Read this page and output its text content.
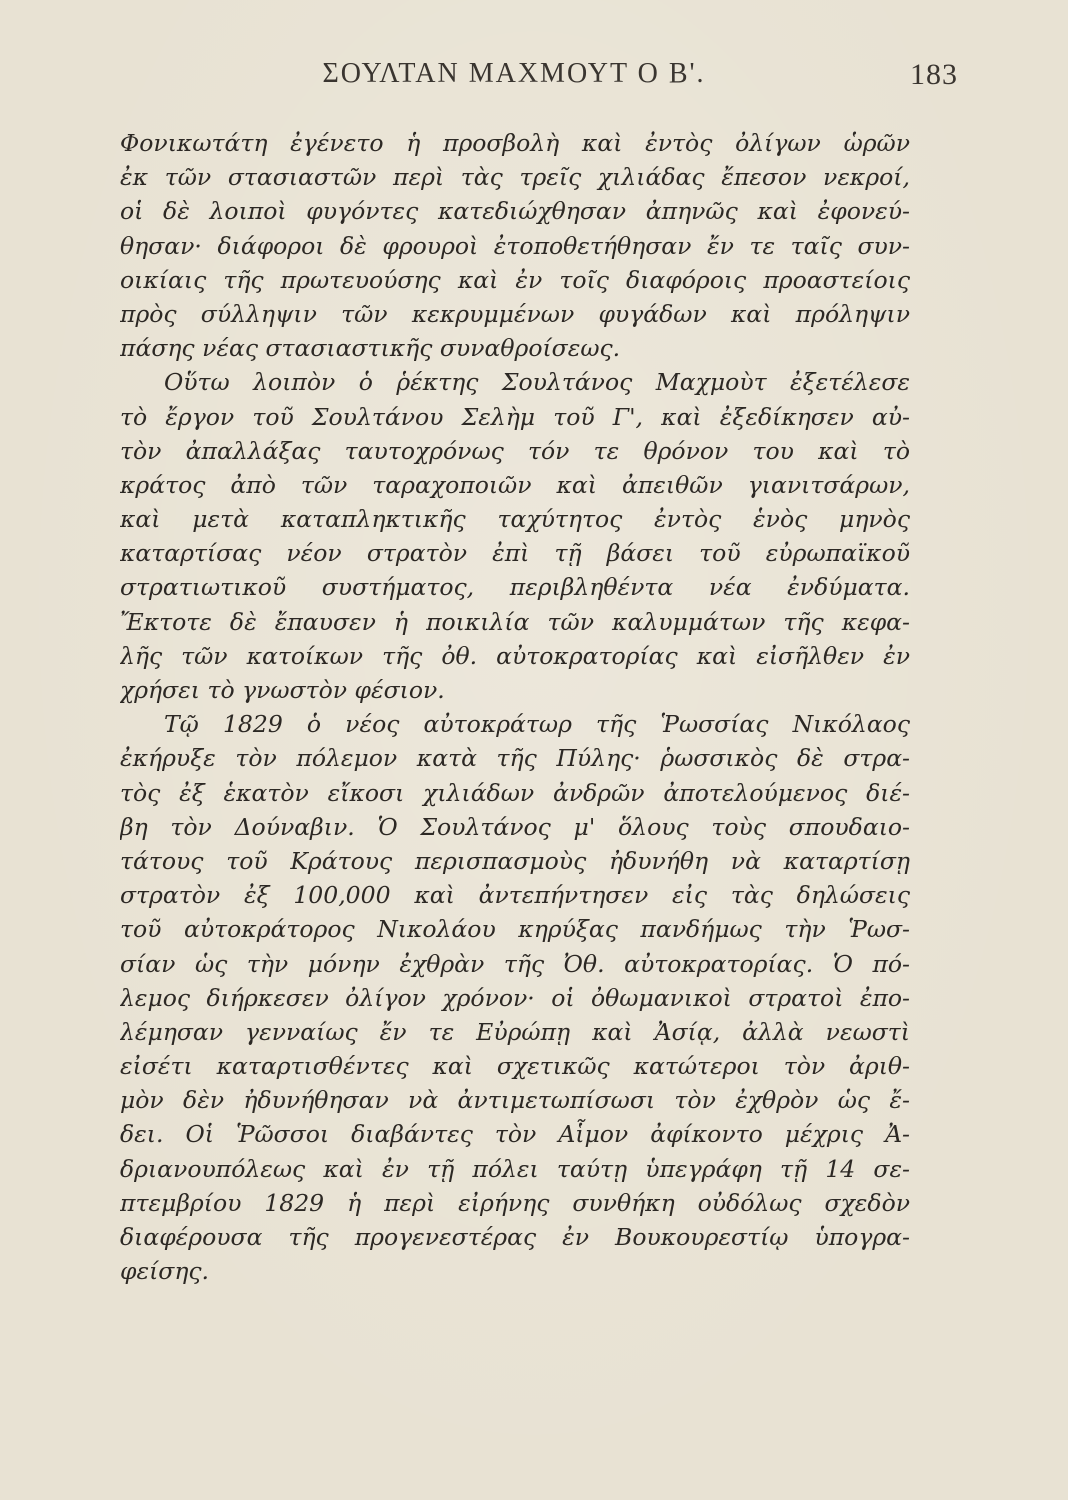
ΣΟΥΛΤΑΝ ΜΑΧΜΟΥΤ Ο Β'.	183
Φονικωτάτη ἐγένετο ἡ προσβολὴ καὶ ἐντὸς ὀλίγων ὡρῶν
ἐκ τῶν στασιαστῶν περὶ τὰς τρεῖς χιλιάδας ἔπεσον νεκροί,
οἱ δὲ λοιποὶ φυγόντες κατεδιώχθησαν ἀπηνῶς καὶ ἐφονεύ-
θησαν· διάφοροι δὲ φρουροὶ ἐτοποθετήθησαν ἔν τε ταῖς συν-
οικίαις τῆς πρωτευούσης καὶ ἐν τοῖς διαφόροις προαστείοις
πρὸς σύλληψιν τῶν κεκρυμμένων φυγάδων καὶ πρόληψιν
πάσης νέας στασιαστικῆς συναθροίσεως.
Οὕτω λοιπὸν ὁ ῥέκτης Σουλτάνος Μαχμοὺτ ἐξετέλεσε
τὸ ἔργον τοῦ Σουλτάνου Σελὴμ τοῦ Γ', καὶ ἐξεδίκησεν αὐ-
τὸν ἀπαλλάξας ταυτοχρόνως τόν τε θρόνον του καὶ τὸ
κράτος ἀπὸ τῶν ταραχοποιῶν καὶ ἀπειθῶν γιανιτσάρων,
καὶ μετὰ καταπληκτικῆς ταχύτητος ἐντὸς ἑνὸς μηνὸς
καταρτίσας νέον στρατὸν ἐπὶ τῇ βάσει τοῦ εὐρωπαϊκοῦ
στρατιωτικοῦ συστήματος, περιβληθέντα νέα ἐνδύματα.
Ἔκτοτε δὲ ἔπαυσεν ἡ ποικιλία τῶν καλυμμάτων τῆς κεφα-
λῆς τῶν κατοίκων τῆς ὀθ. αὐτοκρατορίας καὶ εἰσῆλθεν ἐν
χρήσει τὸ γνωστὸν φέσιον.
Τῷ 1829 ὁ νέος αὐτοκράτωρ τῆς Ῥωσσίας Νικόλαος
ἐκήρυξε τὸν πόλεμον κατὰ τῆς Πύλης· ῥωσσικὸς δὲ στρα-
τὸς ἐξ ἑκατὸν εἴκοσι χιλιάδων ἀνδρῶν ἀποτελούμενος διέ-
βη τὸν Δούναβιν. Ὁ Σουλτάνος μ' ὅλους τοὺς σπουδαιο-
τάτους τοῦ Κράτους περισπασμοὺς ἠδυνήθη νὰ καταρτίσῃ
στρατὸν ἐξ 100,000 καὶ ἀντεπήντησεν εἰς τὰς δηλώσεις
τοῦ αὐτοκράτορος Νικολάου κηρύξας πανδήμως τὴν Ῥωσ-
σίαν ὡς τὴν μόνην ἐχθρὰν τῆς Ὀθ. αὐτοκρατορίας. Ὁ πό-
λεμος διήρκεσεν ὀλίγον χρόνον· οἱ ὀθωμανικοὶ στρατοὶ ἐπο-
λέμησαν γενναίως ἔν τε Εὐρώπῃ καὶ Ἀσίᾳ, ἀλλὰ νεωστὶ
εἰσέτι καταρτισθέντες καὶ σχετικῶς κατώτεροι τὸν ἀριθ-
μὸν δὲν ἠδυνήθησαν νὰ ἀντιμετωπίσωσι τὸν ἐχθρὸν ὡς ἔ-
δει. Οἱ Ῥῶσσοι διαβάντες τὸν Αἷμον ἀφίκοντο μέχρις Ἀ-
δριανουπόλεως καὶ ἐν τῇ πόλει ταύτῃ ὑπεγράφη τῇ 14 σε-
πτεμβρίου 1829 ἡ περὶ εἰρήνης συνθήκη οὐδόλως σχεδὸν
διαφέρουσα τῆς προγενεστέρας ἐν Βουκουρεστίῳ ὑπογρα-
φείσης.
